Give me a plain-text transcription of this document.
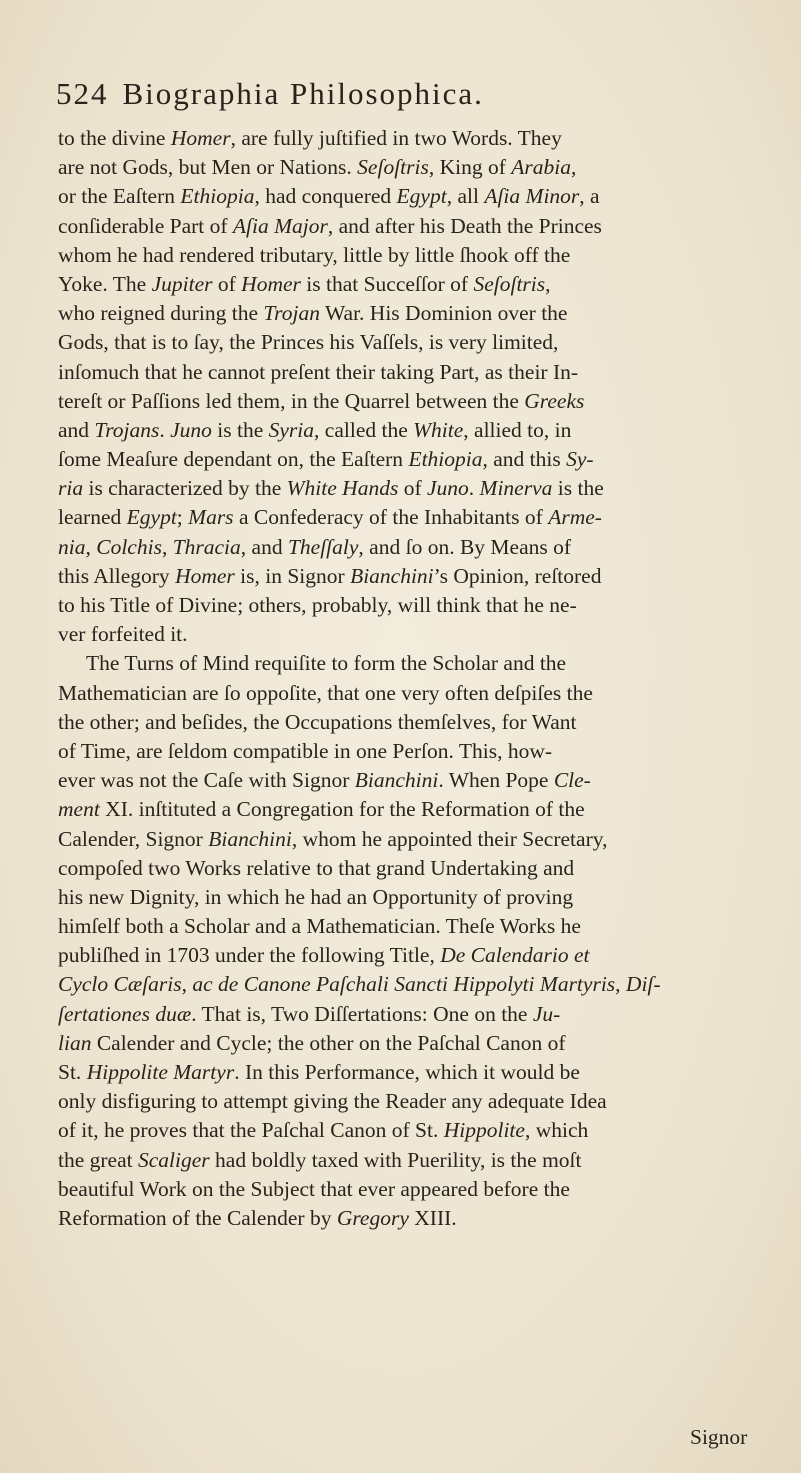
524 Biographia Philosophica.
to the divine Homer, are fully juſtified in two Words. They
are not Gods, but Men or Nations. Seſoſtris, King of Arabia,
or the Eaſtern Ethiopia, had conquered Egypt, all Aſia Minor, a
conſiderable Part of Aſia Major, and after his Death the Princes
whom he had rendered tributary, little by little ſhook off the
Yoke. The Jupiter of Homer is that Succeſſor of Seſoſtris,
who reigned during the Trojan War. His Dominion over the
Gods, that is to ſay, the Princes his Vaſſels, is very limited,
inſomuch that he cannot preſent their taking Part, as their In-
tereſt or Paſſions led them, in the Quarrel between the Greeks
and Trojans. Juno is the Syria, called the White, allied to, in
ſome Meaſure dependant on, the Eaſtern Ethiopia, and this Sy-
ria is characterized by the White Hands of Juno. Minerva is the
learned Egypt; Mars a Confederacy of the Inhabitants of Arme-
nia, Colchis, Thracia, and Theſſaly, and ſo on. By Means of
this Allegory Homer is, in Signor Bianchini’s Opinion, reſtored
to his Title of Divine; others, probably, will think that he ne-
ver forfeited it.
The Turns of Mind requiſite to form the Scholar and the
Mathematician are ſo oppoſite, that one very often deſpiſes the
the other; and beſides, the Occupations themſelves, for Want
of Time, are ſeldom compatible in one Perſon. This, how-
ever was not the Caſe with Signor Bianchini. When Pope Cle-
ment XI. inſtituted a Congregation for the Reformation of the
Calender, Signor Bianchini, whom he appointed their Secretary,
compoſed two Works relative to that grand Undertaking and
his new Dignity, in which he had an Opportunity of proving
himſelf both a Scholar and a Mathematician. Theſe Works he
publiſhed in 1703 under the following Title, De Calendario et
Cyclo Cæſaris, ac de Canone Paſchali Sancti Hippolyti Martyris, Diſ-
ſertationes duæ. That is, Two Diſſertations: One on the Ju-
lian Calender and Cycle; the other on the Paſchal Canon of
St. Hippolite Martyr. In this Performance, which it would be
only disfiguring to attempt giving the Reader any adequate Idea
of it, he proves that the Paſchal Canon of St. Hippolite, which
the great Scaliger had boldly taxed with Puerility, is the moſt
beautiful Work on the Subject that ever appeared before the
Reformation of the Calender by Gregory XIII.
Signor
